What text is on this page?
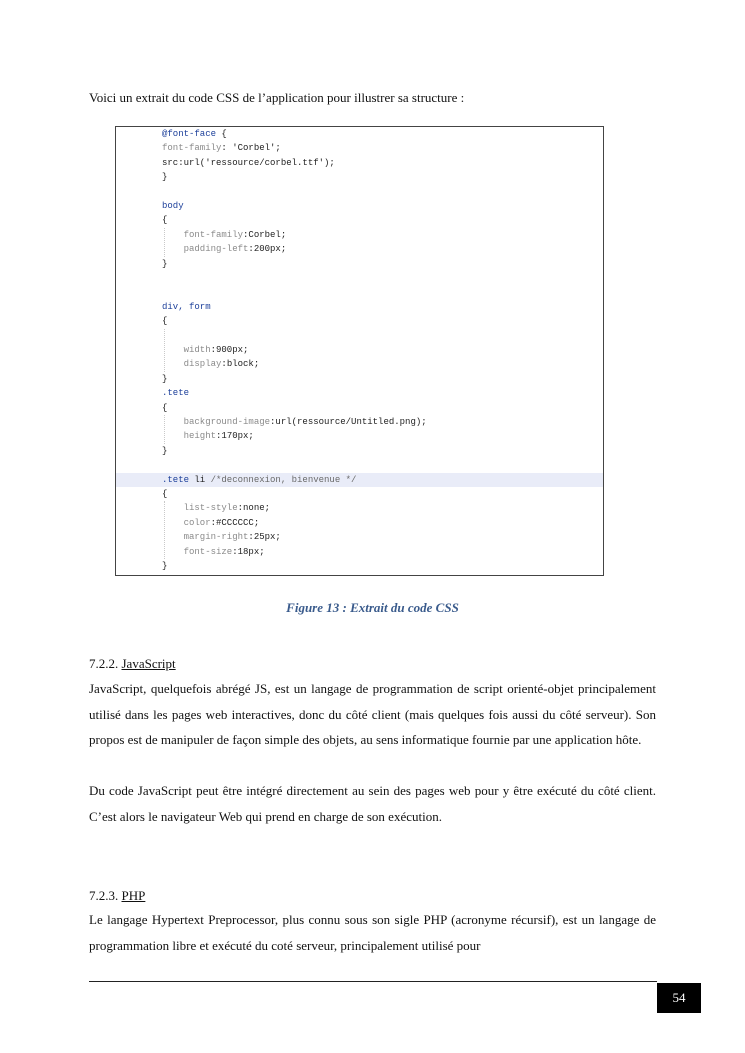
Voici un extrait du code CSS de l’application pour illustrer sa structure :
@font-face {
font-family: 'Corbel';
src:url('ressource/corbel.ttf');
}
body
{
font-family:Corbel;
padding-left:200px;
}
div, form
{
width:900px;
display:block;
}
.tete
{
background-image:url(ressource/Untitled.png);
height:170px;
}
.tete li /*deconnexion, bienvenue */
{
list-style:none;
color:#CCCCCC;
margin-right:25px;
font-size:18px;
}
Figure 13 : Extrait du code CSS
7.2.2. JavaScript
JavaScript, quelquefois abrégé JS, est un langage de programmation de script orienté-objet principalement utilisé dans les pages web interactives, donc du côté client (mais quelques fois aussi du côté serveur). Son propos est de manipuler de façon simple des objets, au sens informatique fournie par une application hôte.
Du code JavaScript peut être intégré directement au sein des pages web pour y être exécuté du côté client. C’est alors le navigateur Web qui prend en charge de son exécution.
7.2.3. PHP
Le langage Hypertext Preprocessor, plus connu sous son sigle PHP (acronyme récursif), est un langage de programmation libre et exécuté du coté serveur, principalement utilisé pour
54
